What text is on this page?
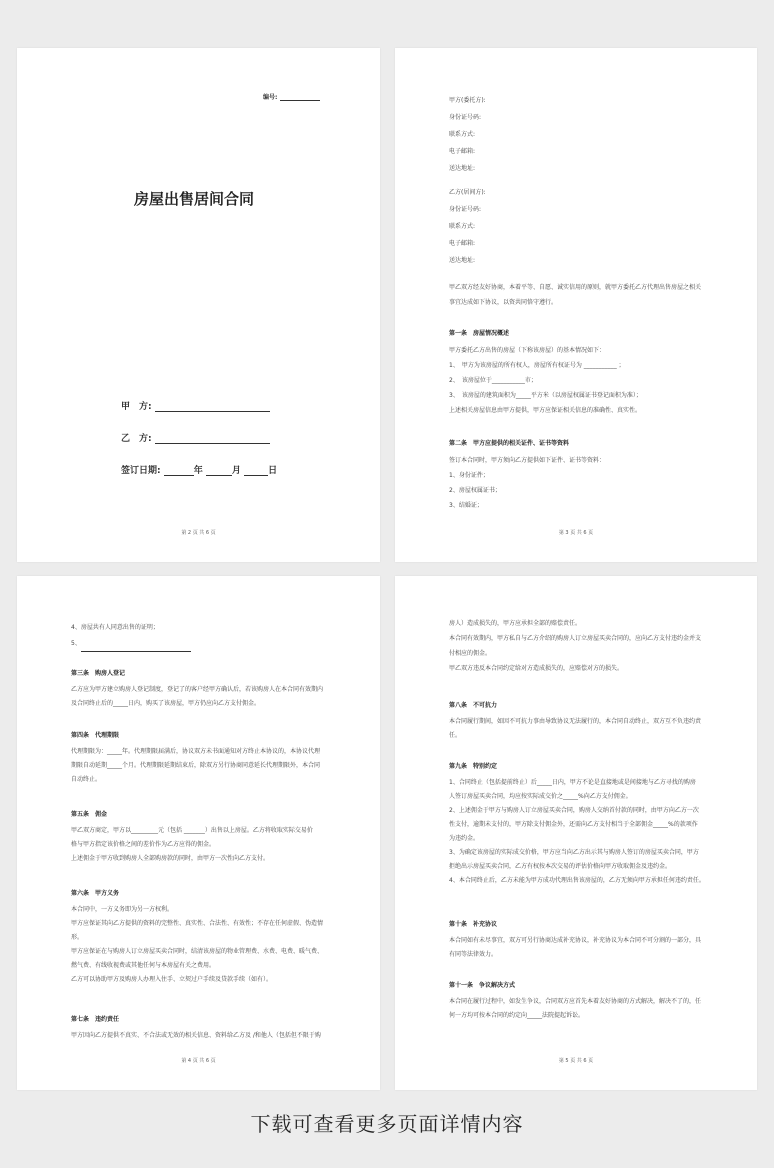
编号:
房屋出售居间合同
甲　方:
乙　方:
签订日期:	年	月	日
第 2 页 共 6 页
甲方(委托方):
身份证号码:
联系方式:
电子邮箱:
送达地址:
乙方(居间方):
身份证号码:
联系方式:
电子邮箱:
送达地址:
甲乙双方经友好协商，本着平等、自愿、诚实信用的原则，就甲方委托乙方代理出售房屋之相关
事宜达成如下协议，以资共同恪守遵行。
第一条　房屋情况概述
甲方委托乙方出售的房屋（下称该房屋）的基本情况如下：
1、　甲方为该房屋的所有权人，房屋所有权证号为 ___________ ；
2、　该房屋位于___________市；
3、　该房屋的建筑面积为_____平方米（以房屋权属证书登记面积为准）；
上述相关房屋信息由甲方提供，甲方应保证相关信息的准确性、真实性。
第二条　甲方应提供的相关证件、证书等资料
签订本合同时，甲方须向乙方提供如下证件、证书等资料：
1、身份证件；
2、房屋权属证书；
3、结婚证；
第 3 页 共 6 页
4、房屋共有人同意出售的证明；
5、
第三条　购房人登记
乙方应为甲方建立购房人登记制度，登记了的客户经甲方确认后，若该购房人在本合同有效期内
及合同终止后的_____日内，购买了该房屋，甲方仍应向乙方支付佣金。
第四条　代理期限
代理期限为：_____年。代理期限届满后，协议双方未书面通知对方终止本协议的，本协议代理
期限自动延期_____个月。代理期限延期结束后，除双方另行协商同意延长代理期限外，本合同
自动终止。
第五条　佣金
甲乙双方商定，甲方以_________元（包括 _______）出售以上房屋。乙方将收取实际交易价
格与甲方指定该价格之间的差价作为乙方应得的佣金。
上述佣金于甲方收到购房人全部购房款的同时，由甲方一次性向乙方支付。
第六条　甲方义务
本合同中，一方义务即为另一方权利。
甲方应保证其向乙方提供的资料的完整性、真实性、合法性、有效性；不存在任何虚假、伪造情
形。
甲方应保证在与购房人订立房屋买卖合同时，结清该房屋的物业管理费、水费、电费、暖气费、
燃气费、有线收视费或其他任何与本房屋有关之费用。
乙方可以协助甲方及购房人办理入住手、立契过户手续及贷款手续（如有）。
第七条　违约责任
甲方因向乙方提供不真实、不合法或无效的相关信息、资料给乙方及 /和他人（包括但不限于购
第 4 页 共 6 页
房人）造成损失的，甲方应承担全部的赔偿责任。
本合同有效期内，甲方私自与乙方介绍的购房人订立房屋买卖合同的，应向乙方支付违约金并支
付相应的佣金。
甲乙双方违反本合同约定给对方造成损失的，应赔偿对方的损失。
第八条　不可抗力
本合同履行期间，如因不可抗力事由导致协议无法履行的，本合同自动终止，双方互不负违约责
任。
第九条　特别约定
1、合同终止（包括提前终止）后_____日内，甲方不论是直接地或是间接地与乙方寻找的购房
人签订房屋买卖合同，均应按实际成交价之_____%向乙方支付佣金。
2、上述佣金于甲方与购房人订立房屋买卖合同，购房人交纳首付款的同时，由甲方向乙方一次
性支付，逾期未支付的，甲方除支付佣金外，还需向乙方支付相当于全部佣金_____%的款项作
为违约金。
3、为确定该房屋的实际成交价格，甲方应当向乙方出示其与购房人签订的房屋买卖合同，甲方
拒绝出示房屋买卖合同，乙方有权按本次交易的评估价格向甲方收取佣金及违约金。
4、本合同终止后，乙方未能为甲方成功代理出售该房屋的，乙方无须向甲方承担任何违约责任。
第十条　补充协议
本合同如有未尽事宜，双方可另行协商达成补充协议，补充协议为本合同不可分割的一部分，具
有同等法律效力。
第十一条　争议解决方式
本合同在履行过程中，如发生争议，合同双方应首先本着友好协商的方式解决，解决不了的，任
何一方均可按本合同的约定向_____法院提起诉讼。
第 5 页 共 6 页
下载可查看更多页面详情内容
